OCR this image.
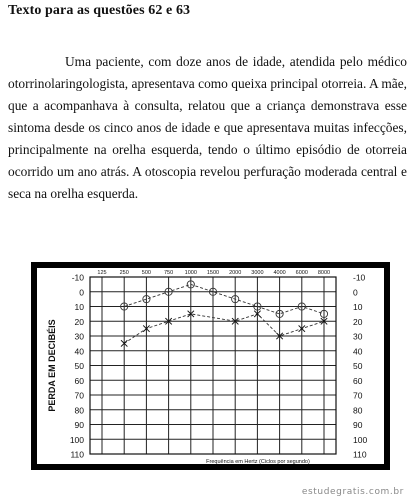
Texto para as questões 62 e 63

Uma paciente, com doze anos de idade, atendida pelo médico otorrinolaringologista, apresentava como queixa principal otorreia. A mãe, que a acompanhava à consulta, relatou que a criança demonstrava esse sintoma desde os cinco anos de idade e que apresentava muitas infecções, principalmente na orelha esquerda, tendo o último episódio de otorreia ocorrido um ano atrás. A otoscopia revelou perfuração moderada central e seca na orelha esquerda.

-10	-10
0	0
10	10
20	20
30	30
40	40
50	50
60	60
70	70
80	80
90	90
100	100
110	110
125 250 500 750 1000 1500 2000 3000 4000 6000 8000
PERDA EM DECIBÉIS
Frequência em Hertz (Ciclos por segundo)
estudegratis.com.br
